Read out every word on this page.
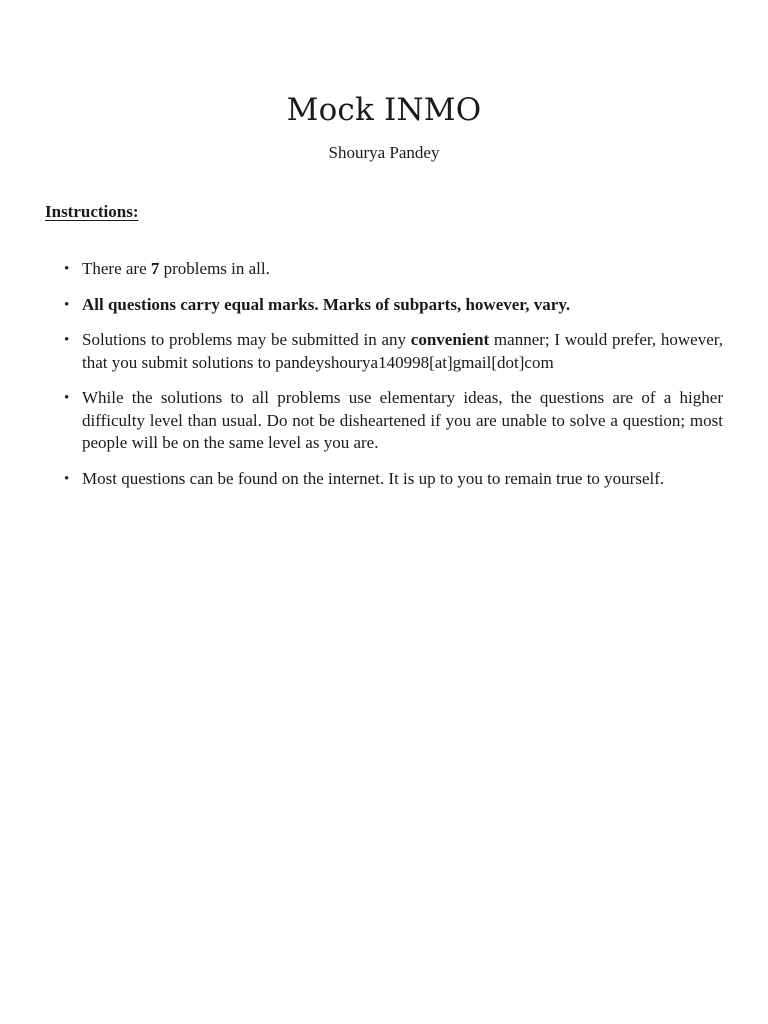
Mock INMO
Shourya Pandey
Instructions:
• There are 7 problems in all.
• All questions carry equal marks. Marks of subparts, however, vary.
• Solutions to problems may be submitted in any convenient manner; I would prefer, however, that you submit solutions to pandeyshourya140998[at]gmail[dot]com
• While the solutions to all problems use elementary ideas, the questions are of a higher difficulty level than usual. Do not be disheartened if you are unable to solve a question; most people will be on the same level as you are.
• Most questions can be found on the internet. It is up to you to remain true to yourself.
